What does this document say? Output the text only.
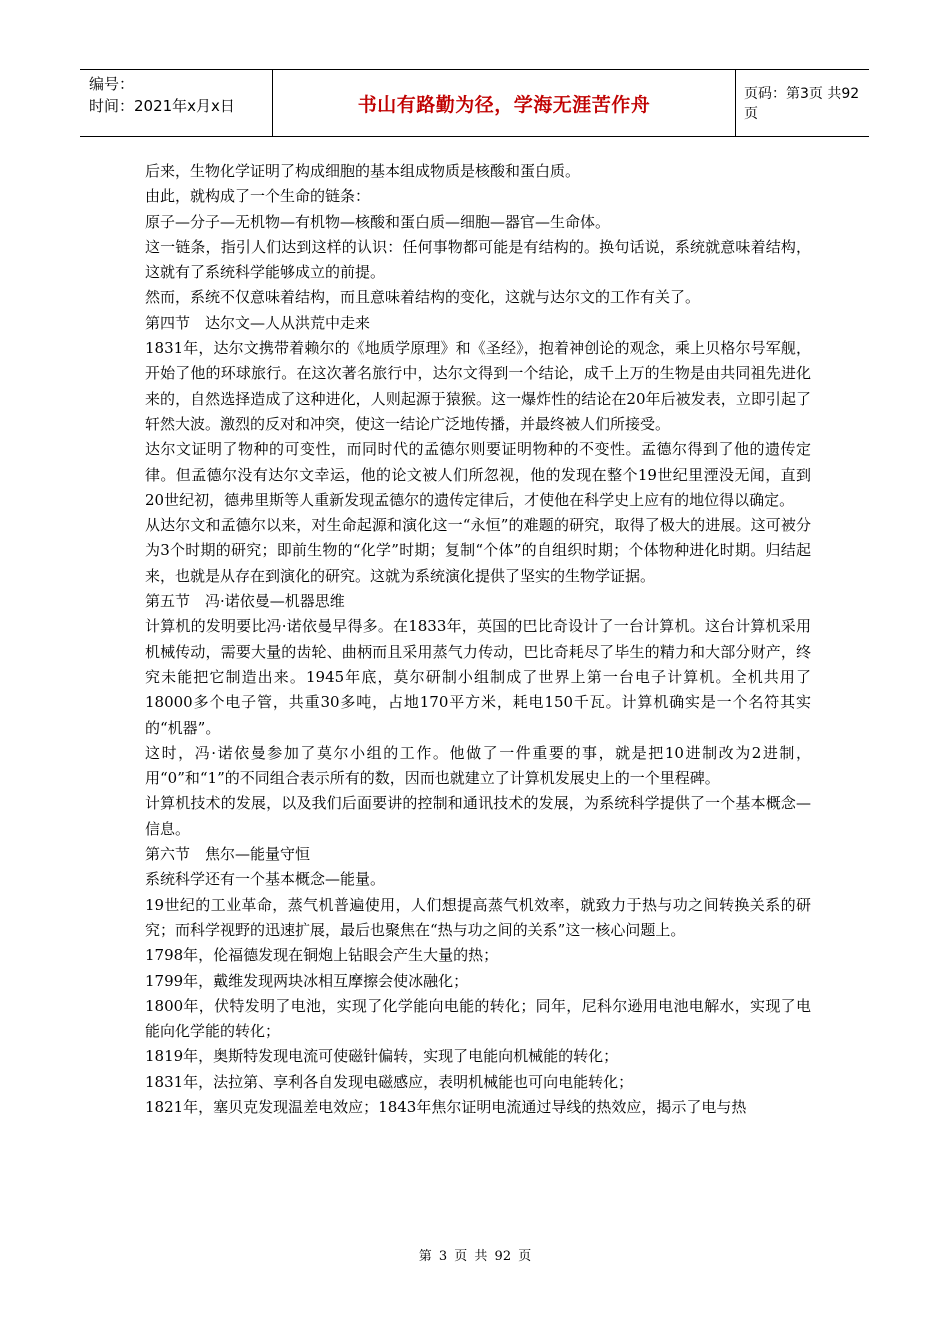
编号：
时间：2021年x月x日	书山有路勤为径，学海无涯苦作舟	页码：第3页 共92页

后来，生物化学证明了构成细胞的基本组成物质是核酸和蛋白质。

由此，就构成了一个生命的链条：

原子—分子—无机物—有机物—核酸和蛋白质—细胞—器官—生命体。

这一链条，指引人们达到这样的认识：任何事物都可能是有结构的。换句话说，系统就意味着结构，这就有了系统科学能够成立的前提。

然而，系统不仅意味着结构，而且意味着结构的变化，这就与达尔文的工作有关了。

第四节　达尔文—人从洪荒中走来

1831年，达尔文携带着赖尔的《地质学原理》和《圣经》，抱着神创论的观念，乘上贝格尔号军舰，开始了他的环球旅行。在这次著名旅行中，达尔文得到一个结论，成千上万的生物是由共同祖先进化来的，自然选择造成了这种进化，人则起源于猿猴。这一爆炸性的结论在20年后被发表，立即引起了轩然大波。激烈的反对和冲突，使这一结论广泛地传播，并最终被人们所接受。

达尔文证明了物种的可变性，而同时代的孟德尔则要证明物种的不变性。孟德尔得到了他的遗传定律。但孟德尔没有达尔文幸运，他的论文被人们所忽视，他的发现在整个19世纪里湮没无闻，直到20世纪初，德弗里斯等人重新发现孟德尔的遗传定律后，才使他在科学史上应有的地位得以确定。

从达尔文和孟德尔以来，对生命起源和演化这一“永恒”的难题的研究，取得了极大的进展。这可被分为3个时期的研究；即前生物的“化学”时期；复制“个体”的自组织时期；个体物种进化时期。归结起来，也就是从存在到演化的研究。这就为系统演化提供了坚实的生物学证据。

第五节　冯·诺依曼—机器思维

计算机的发明要比冯·诺依曼早得多。在1833年，英国的巴比奇设计了一台计算机。这台计算机采用机械传动，需要大量的齿轮、曲柄而且采用蒸气力传动，巴比奇耗尽了毕生的精力和大部分财产，终究未能把它制造出来。1945年底，莫尔研制小组制成了世界上第一台电子计算机。全机共用了18000多个电子管，共重30多吨，占地170平方米，耗电150千瓦。计算机确实是一个名符其实的“机器”。

这时，冯·诺依曼参加了莫尔小组的工作。他做了一件重要的事，就是把10进制改为2进制，用“0”和“1”的不同组合表示所有的数，因而也就建立了计算机发展史上的一个里程碑。

计算机技术的发展，以及我们后面要讲的控制和通讯技术的发展，为系统科学提供了一个基本概念—信息。

第六节　焦尔—能量守恒

系统科学还有一个基本概念—能量。

19世纪的工业革命，蒸气机普遍使用，人们想提高蒸气机效率，就致力于热与功之间转换关系的研究；而科学视野的迅速扩展，最后也聚焦在“热与功之间的关系”这一核心问题上。

1798年，伦福德发现在铜炮上钻眼会产生大量的热；

1799年，戴维发现两块冰相互摩擦会使冰融化；

1800年，伏特发明了电池，实现了化学能向电能的转化；同年，尼科尔逊用电池电解水，实现了电能向化学能的转化；

1819年，奥斯特发现电流可使磁针偏转，实现了电能向机械能的转化；

1831年，法拉第、享利各自发现电磁感应，表明机械能也可向电能转化；

1821年，塞贝克发现温差电效应；1843年焦尔证明电流通过导线的热效应，揭示了电与热

第 3 页 共 92 页
